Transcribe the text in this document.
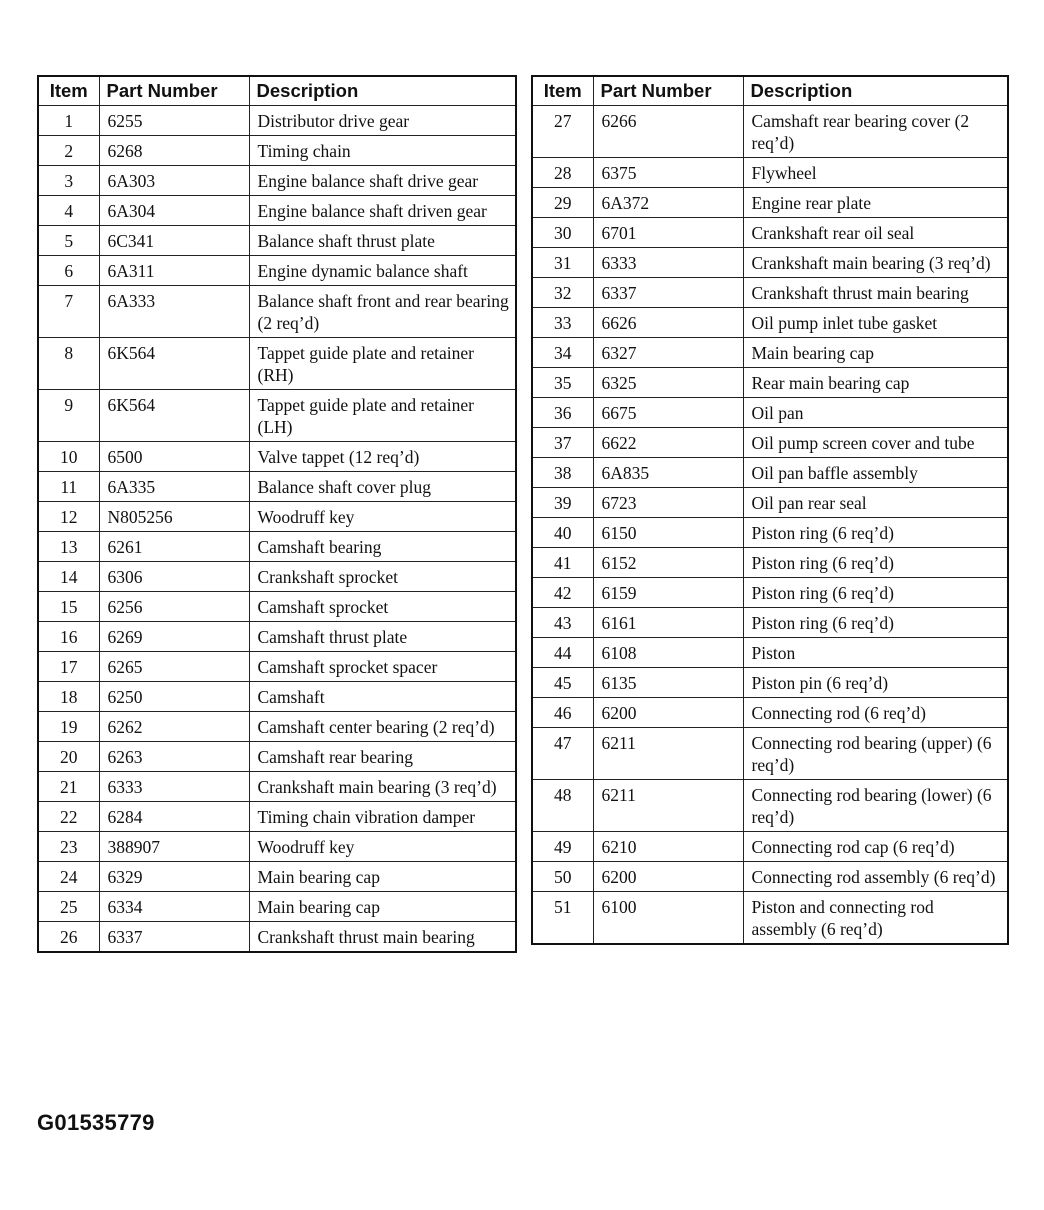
Item	Part Number	Description
1	6255	Distributor drive gear
2	6268	Timing chain
3	6A303	Engine balance shaft drive gear
4	6A304	Engine balance shaft driven gear
5	6C341	Balance shaft thrust plate
6	6A311	Engine dynamic balance shaft
7	6A333	Balance shaft front and rear bearing (2 req’d)
8	6K564	Tappet guide plate and retainer (RH)
9	6K564	Tappet guide plate and retainer (LH)
10	6500	Valve tappet (12 req’d)
11	6A335	Balance shaft cover plug
12	N805256	Woodruff key
13	6261	Camshaft bearing
14	6306	Crankshaft sprocket
15	6256	Camshaft sprocket
16	6269	Camshaft thrust plate
17	6265	Camshaft sprocket spacer
18	6250	Camshaft
19	6262	Camshaft center bearing (2 req’d)
20	6263	Camshaft rear bearing
21	6333	Crankshaft main bearing (3 req’d)
22	6284	Timing chain vibration damper
23	388907	Woodruff key
24	6329	Main bearing cap
25	6334	Main bearing cap
26	6337	Crankshaft thrust main bearing
Item	Part Number	Description
27	6266	Camshaft rear bearing cover (2 req’d)
28	6375	Flywheel
29	6A372	Engine rear plate
30	6701	Crankshaft rear oil seal
31	6333	Crankshaft main bearing (3 req’d)
32	6337	Crankshaft thrust main bearing
33	6626	Oil pump inlet tube gasket
34	6327	Main bearing cap
35	6325	Rear main bearing cap
36	6675	Oil pan
37	6622	Oil pump screen cover and tube
38	6A835	Oil pan baffle assembly
39	6723	Oil pan rear seal
40	6150	Piston ring (6 req’d)
41	6152	Piston ring (6 req’d)
42	6159	Piston ring (6 req’d)
43	6161	Piston ring (6 req’d)
44	6108	Piston
45	6135	Piston pin (6 req’d)
46	6200	Connecting rod (6 req’d)
47	6211	Connecting rod bearing (upper) (6 req’d)
48	6211	Connecting rod bearing (lower) (6 req’d)
49	6210	Connecting rod cap (6 req’d)
50	6200	Connecting rod assembly (6 req’d)
51	6100	Piston and connecting rod assembly (6 req’d)
G01535779
